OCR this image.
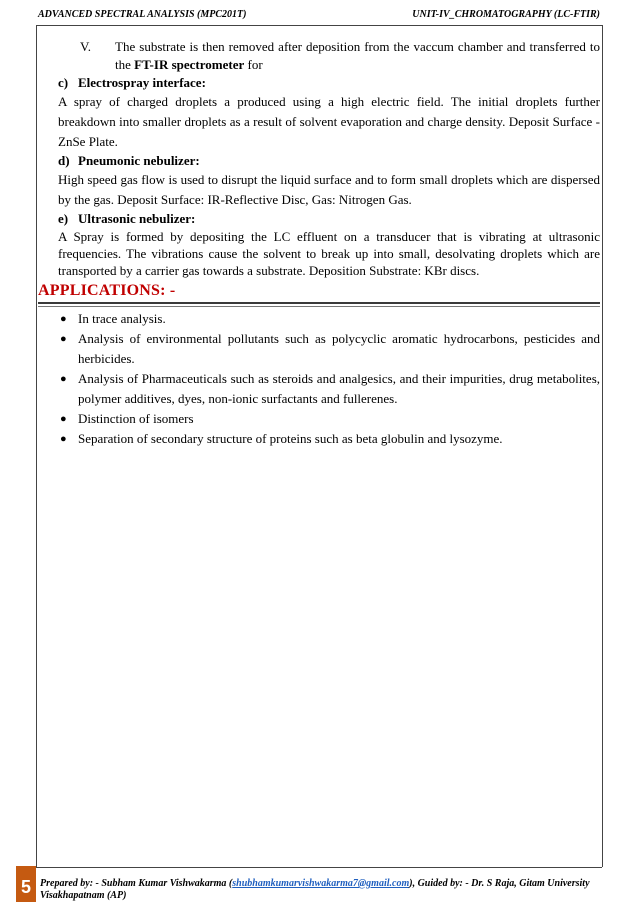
ADVANCED SPECTRAL ANALYSIS (MPC201T)	UNIT-IV_CHROMATOGRAPHY (LC-FTIR)

V. The substrate is then removed after deposition from the vaccum chamber and transferred to the FT-IR spectrometer for

c) Electrospray interface:

A spray of charged droplets a produced using a high electric field. The initial droplets further breakdown into smaller droplets as a result of solvent evaporation and charge density. Deposit Surface - ZnSe Plate.

d) Pneumonic nebulizer:

High speed gas flow is used to disrupt the liquid surface and to form small droplets which are dispersed by the gas. Deposit Surface: IR-Reflective Disc, Gas: Nitrogen Gas.

e) Ultrasonic nebulizer:

A Spray is formed by depositing the LC effluent on a transducer that is vibrating at ultrasonic frequencies. The vibrations cause the solvent to break up into small, desolvating droplets which are transported by a carrier gas towards a substrate. Deposition Substrate: KBr discs.

APPLICATIONS: -
● In trace analysis.
● Analysis of environmental pollutants such as polycyclic aromatic hydrocarbons, pesticides and herbicides.
● Analysis of Pharmaceuticals such as steroids and analgesics, and their impurities, drug metabolites, polymer additives, dyes, non-ionic surfactants and fullerenes.
● Distinction of isomers
● Separation of secondary structure of proteins such as beta globulin and lysozyme.
5 Prepared by: - Subham Kumar Vishwakarma (shubhamkumarvishwakarma7@gmail.com), Guided by: - Dr. S Raja, Gitam University Visakhapatnam (AP)
